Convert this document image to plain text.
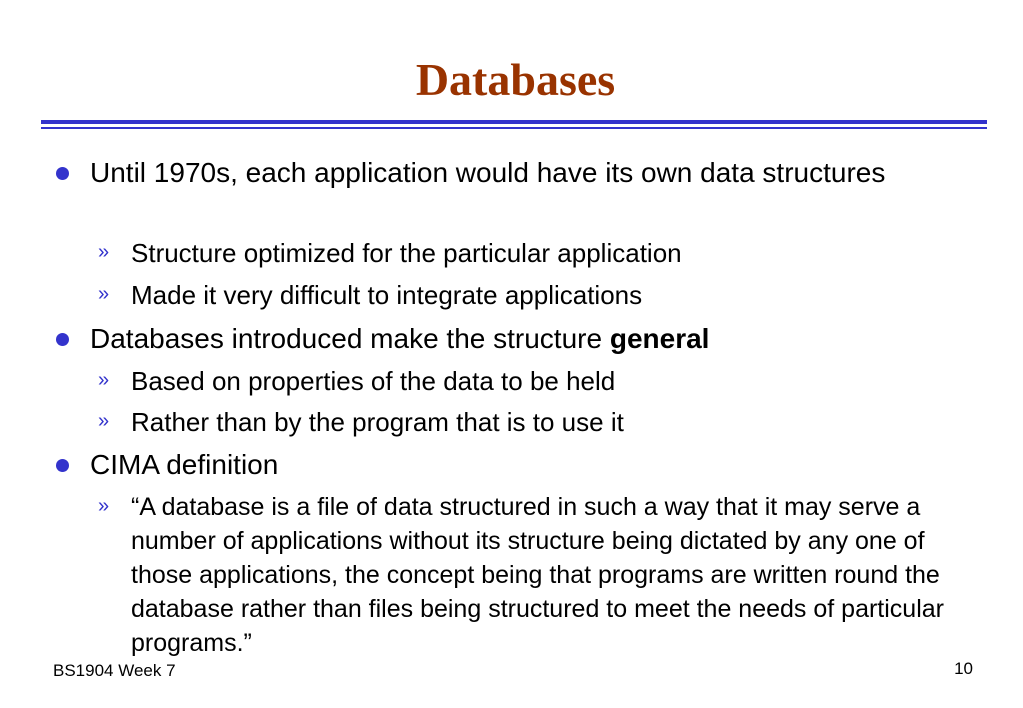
Databases
Until 1970s, each application would have its own data structures
» Structure optimized for the particular application
» Made it very difficult to integrate applications
Databases introduced make the structure general
» Based on properties of the data to be held
» Rather than by the program that is to use it
CIMA definition
» “A database is a file of data structured in such a way that it may serve a number of applications without its structure being dictated by any one of those applications, the concept being that programs are written round the database rather than files being structured to meet the needs of particular programs.”
BS1904 Week 7	10
